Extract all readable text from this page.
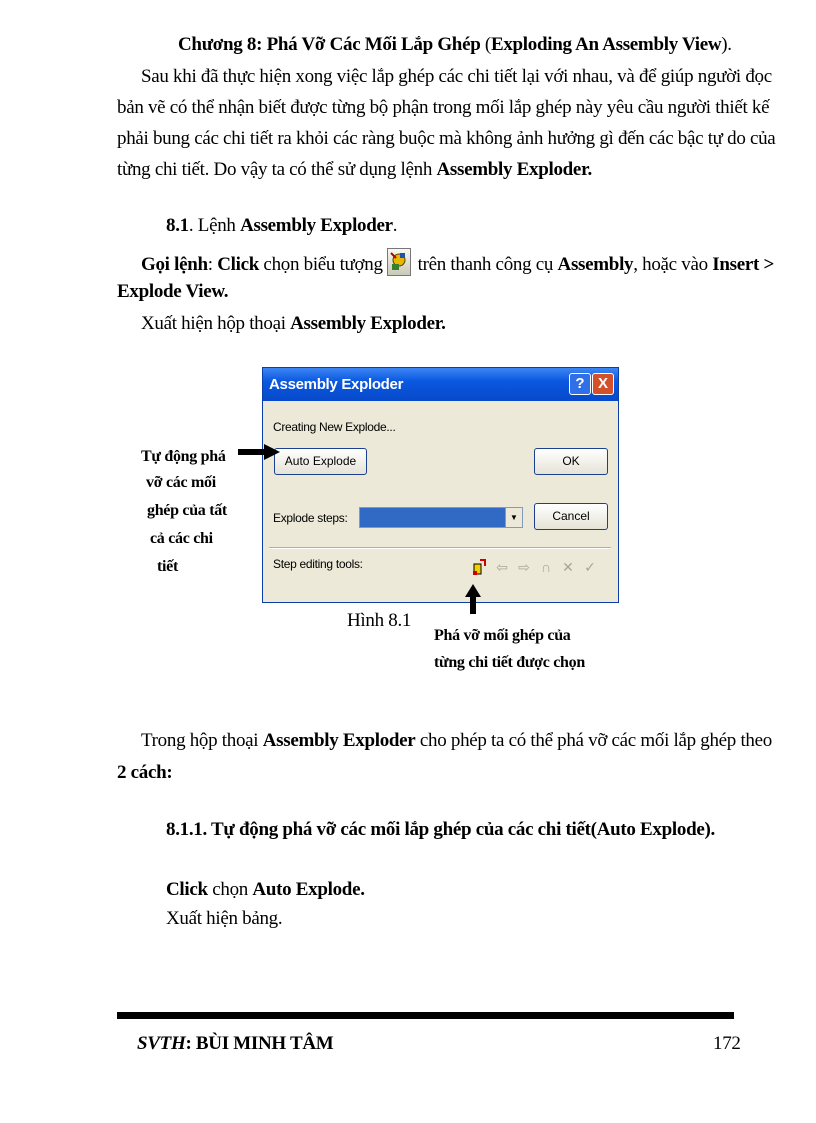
Chương 8: Phá Vỡ Các Mối Lắp Ghép (Exploding An Assembly View).
Sau khi đã thực hiện xong việc lắp ghép các chi tiết lại với nhau, và để giúp người đọc
bản vẽ có thể nhận biết được từng bộ phận trong mối lắp ghép này yêu cầu người thiết kế
phải bung các chi tiết ra khỏi các ràng buộc mà không ảnh hưởng gì đến các bậc tự do của
từng chi tiết. Do vậy ta có thể sử dụng lệnh Assembly Exploder.
8.1. Lệnh Assembly Exploder.
Gọi lệnh: Click chọn biểu tượng
trên thanh công cụ Assembly, hoặc vào Insert >
Explode View.
Xuất hiện hộp thoại Assembly Exploder.
Assembly Exploder	? X
Creating New Explode...
Auto Explode	OK
Explode steps:	▼	Cancel
Step editing tools:	⇦ ⇨ ∩ ✕ ✓
Tự động phá
vỡ các mối
ghép của tất
cả các chi
tiết
Hình 8.1
Phá vỡ mối ghép của
từng chi tiết được chọn
Trong hộp thoại Assembly Exploder cho phép ta có thể phá vỡ các mối lắp ghép theo
2 cách:
8.1.1. Tự động phá vỡ các mối lắp ghép của các chi tiết(Auto Explode).
Click chọn Auto Explode.
Xuất hiện bảng.
SVTH: BÙI MINH TÂM	172
